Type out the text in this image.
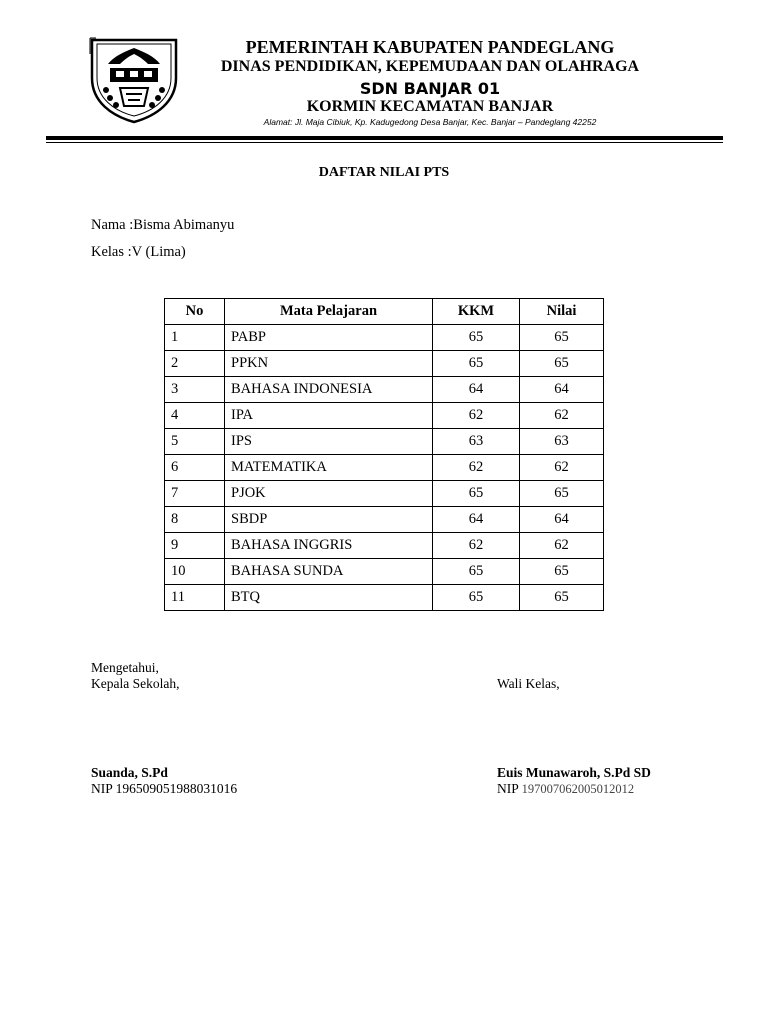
PEMERINTAH KABUPATEN PANDEGLANG
DINAS PENDIDIKAN, KEPEMUDAAN DAN OLAHRAGA
SDN BANJAR 01
KORMIN KECAMATAN BANJAR
Alamat: Jl. Maja Cibiuk, Kp. Kadugedong Desa Banjar, Kec. Banjar – Pandeglang 42252
DAFTAR NILAI PTS
Nama :Bisma Abimanyu
Kelas :V (Lima)
No	Mata Pelajaran	KKM	Nilai
1	PABP	65	65
2	PPKN	65	65
3	BAHASA INDONESIA	64	64
4	IPA	62	62
5	IPS	63	63
6	MATEMATIKA	62	62
7	PJOK	65	65
8	SBDP	64	64
9	BAHASA INGGRIS	62	62
10	BAHASA SUNDA	65	65
11	BTQ	65	65
Mengetahui,
Kepala Sekolah,	Wali Kelas,
Suanda, S.Pd
NIP 196509051988031016
Euis Munawaroh, S.Pd SD
NIP 197007062005012012
